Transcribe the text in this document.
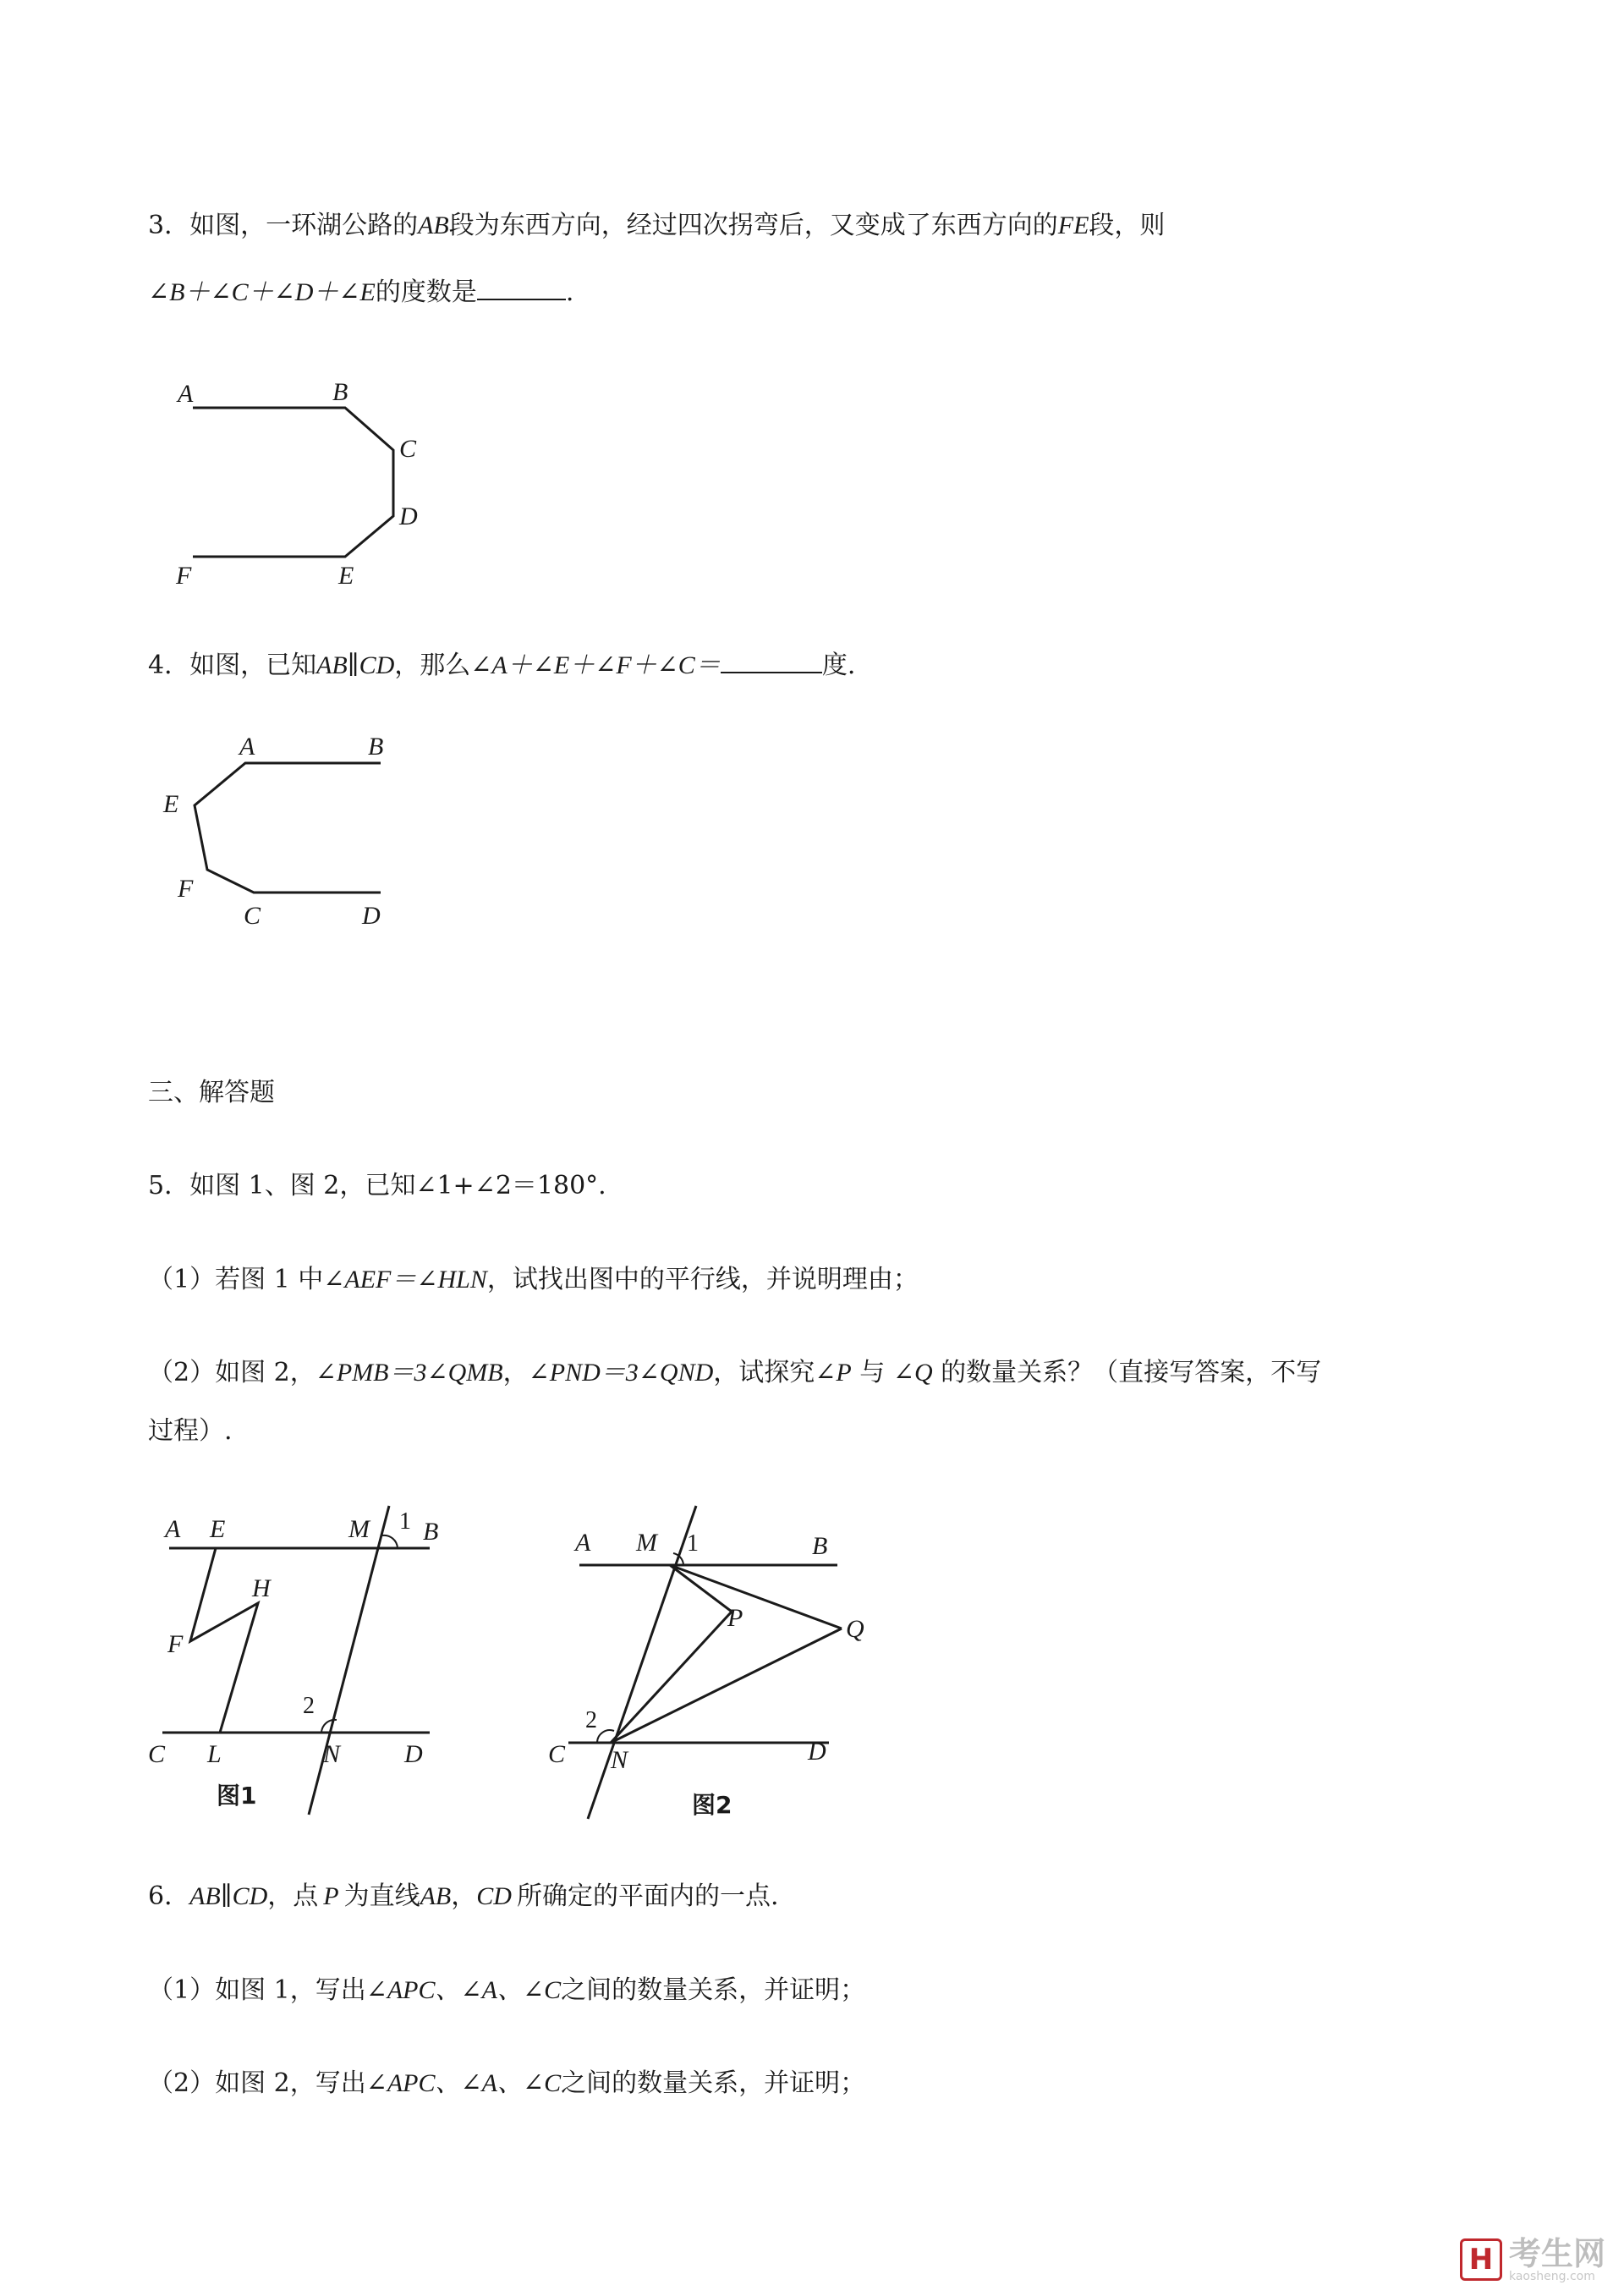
3．如图，一环湖公路的AB段为东西方向，经过四次拐弯后，又变成了东西方向的FE段，则
∠B＋∠C＋∠D＋∠E的度数是	.
A	B
C
D
E
F
4．如图，已知AB∥CD，那么∠A＋∠E＋∠F＋∠C＝	度.
A	B
E
F
C	D
三、解答题
5．如图 1、图 2，已知∠1+∠2＝180°.
（1）若图 1 中∠AEF＝∠HLN，试找出图中的平行线，并说明理由；
（2）如图 2，∠PMB＝3∠QMB，∠PND＝3∠QND，试探究∠P 与 ∠Q 的数量关系？（直接写答案，不写
过程）.
A E	M 1 B
H
F
2
C L	N	D
图1
A M 1	B
P	Q
2
C N	D
图2
6．AB∥CD，点 P 为直线AB，CD 所确定的平面内的一点.
（1）如图 1，写出∠APC、∠A、∠C之间的数量关系，并证明；
（2）如图 2，写出∠APC、∠A、∠C之间的数量关系，并证明；
H 考生网
kaosheng.com
